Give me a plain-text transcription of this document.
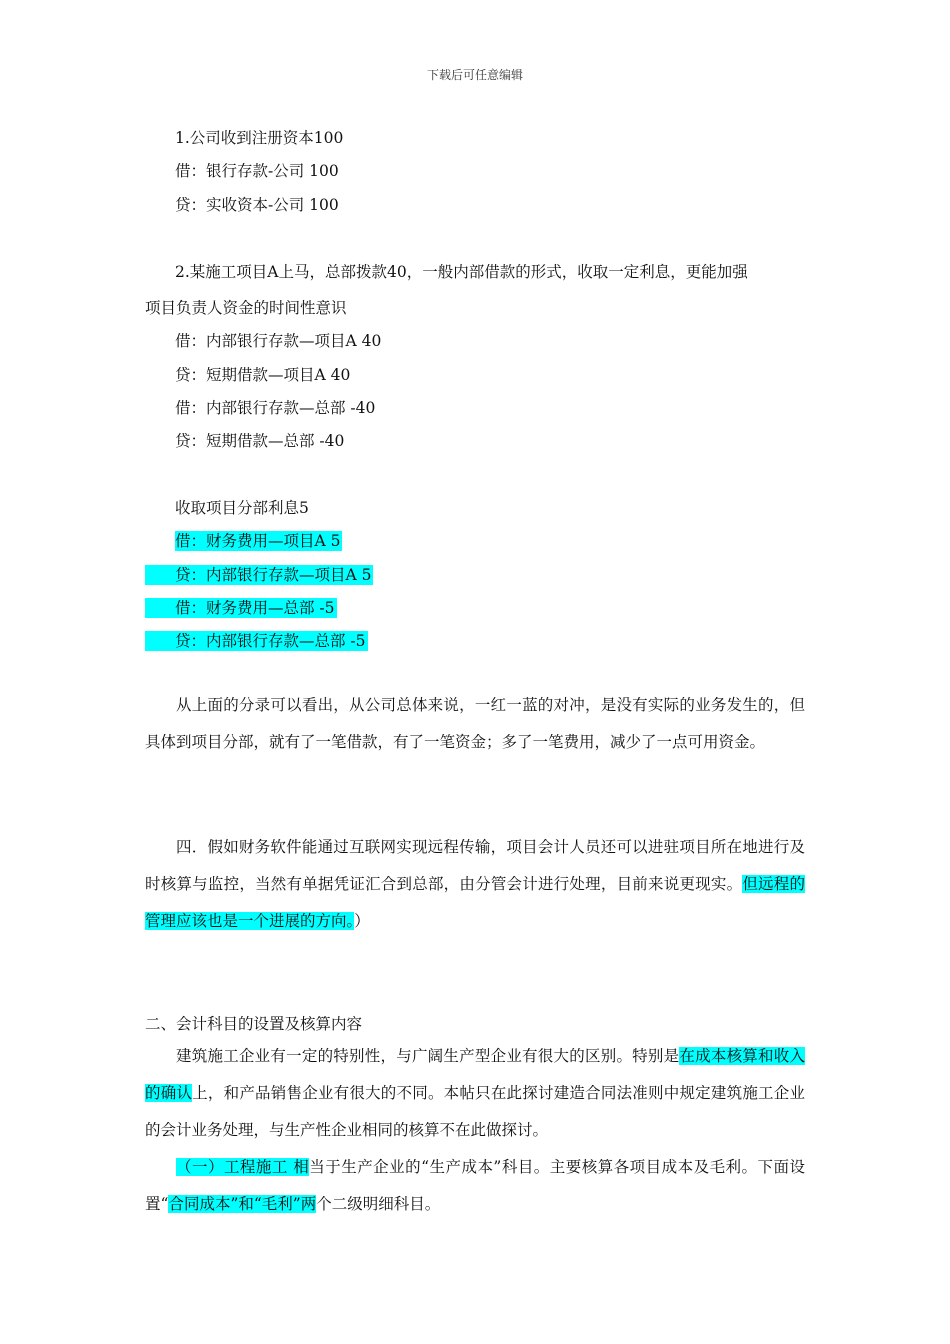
下载后可任意编辑
1.公司收到注册资本100
借：银行存款-公司 100
贷：实收资本-公司 100
2.某施工项目A上马，总部拨款40，一般内部借款的形式，收取一定利息，更能加强
项目负责人资金的时间性意识
借：内部银行存款—项目A 40
贷：短期借款—项目A 40
借：内部银行存款—总部 -40
贷：短期借款—总部 -40
收取项目分部利息5
借：财务费用—项目A 5
贷：内部银行存款—项目A 5
借：财务费用—总部 -5
贷：内部银行存款—总部 -5
从上面的分录可以看出，从公司总体来说，一红一蓝的对冲，是没有实际的业务发生的，但具体到项目分部，就有了一笔借款，有了一笔资金；多了一笔费用，减少了一点可用资金。
四．假如财务软件能通过互联网实现远程传输，项目会计人员还可以进驻项目所在地进行及时核算与监控，当然有单据凭证汇合到总部，由分管会计进行处理，目前来说更现实。但远程的管理应该也是一个进展的方向。）
二、会计科目的设置及核算内容
建筑施工企业有一定的特别性，与广阔生产型企业有很大的区别。特别是在成本核算和收入的确认上，和产品销售企业有很大的不同。本帖只在此探讨建造合同法准则中规定建筑施工企业的会计业务处理，与生产性企业相同的核算不在此做探讨。
（一）工程施工 相当于生产企业的“生产成本”科目。主要核算各项目成本及毛利。下面设置“合同成本”和“毛利”两个二级明细科目。
